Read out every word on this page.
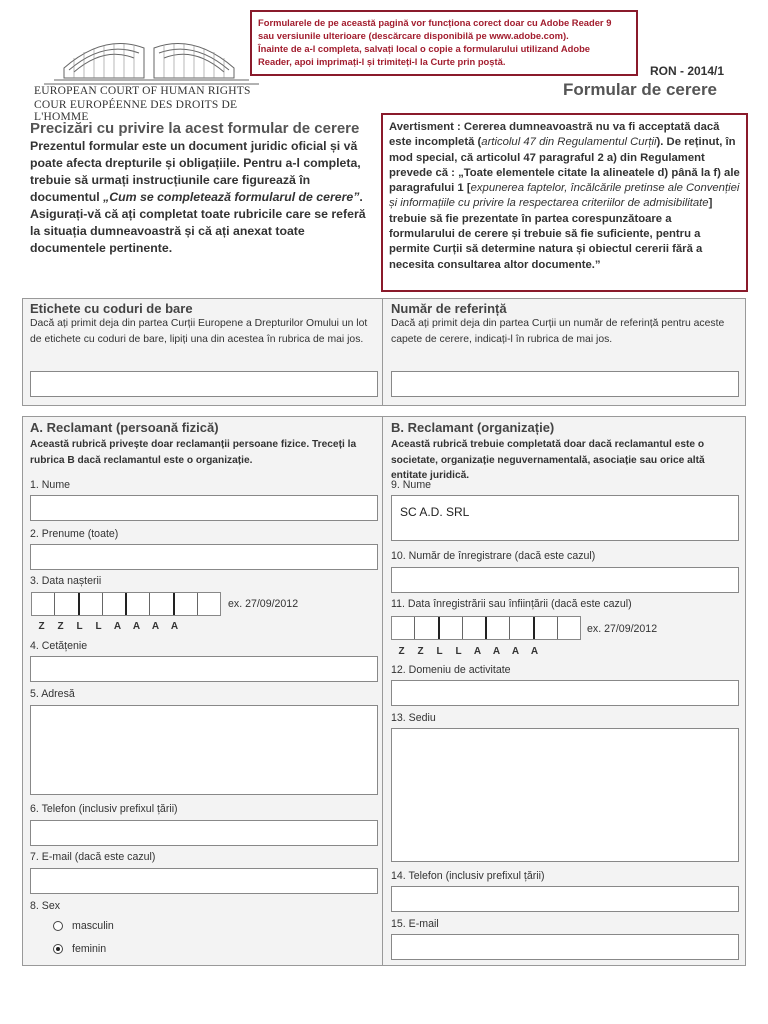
EUROPEAN COURT OF HUMAN RIGHTS
COUR EUROPÉENNE DES DROITS DE L'HOMME
Formularele de pe această pagină vor funcționa corect doar cu Adobe Reader 9
sau versiunile ulterioare (descărcare disponibilă pe www.adobe.com).
Înainte de a-l completa, salvați local o copie a formularului utilizand Adobe
Reader, apoi imprimați-l și trimiteți-l la Curte prin poștă.
RON - 2014/1
Formular de cerere
Precizări cu privire la acest formular de cerere
Prezentul formular este un document juridic oficial și vă poate afecta drepturile și obligațiile. Pentru a-l completa, trebuie să urmați instrucțiunile care figurează în documentul „Cum se completează formularul de cerere”. Asigurați-vă că ați completat toate rubricile care se referă la situația dumneavoastră și că ați anexat toate documentele pertinente.
Avertisment : Cererea dumneavoastră nu va fi acceptată dacă este incompletă (articolul 47 din Regulamentul Curții). De reținut, în mod special, că articolul 47 paragraful 2 a) din Regulament prevede că : „Toate elementele citate la alineatele d) până la f) ale paragrafului 1 [expunerea faptelor, încălcările pretinse ale Convenției și informațiile cu privire la respectarea criteriilor de admisibilitate] trebuie să fie prezentate în partea corespunzătoare a formularului de cerere și trebuie să fie suficiente, pentru a permite Curții să determine natura și obiectul cererii fără a necesita consultarea altor documente.”
Etichete cu coduri de bare
Dacă ați primit deja din partea Curții Europene a Drepturilor Omului un lot de etichete cu coduri de bare, lipiți una din acestea în rubrica de mai jos.
Număr de referință
Dacă ați primit deja din partea Curții un număr de referință pentru aceste capete de cerere, indicați-l în rubrica de mai jos.
A. Reclamant (persoană fizică)
Această rubrică privește doar reclamanții persoane fizice. Treceți la rubrica B dacă reclamantul este o organizație.
1. Nume
2. Prenume (toate)
3. Data nașterii
ex. 27/09/2012
Z	Z	L	L	A	A	A	A
4. Cetățenie
5. Adresă
6. Telefon (inclusiv prefixul țării)
7. E-mail (dacă este cazul)
8. Sex
masculin
feminin
B. Reclamant (organizație)
Această rubrică trebuie completată doar dacă reclamantul este o societate, organizație neguvernamentală, asociație sau orice altă entitate juridică.
9. Nume
SC A.D. SRL
10. Număr de înregistrare (dacă este cazul)
11. Data înregistrării sau înființării (dacă este cazul)
ex. 27/09/2012
Z	Z	L	L	A	A	A	A
12. Domeniu de activitate
13. Sediu
14. Telefon (inclusiv prefixul țării)
15. E-mail
